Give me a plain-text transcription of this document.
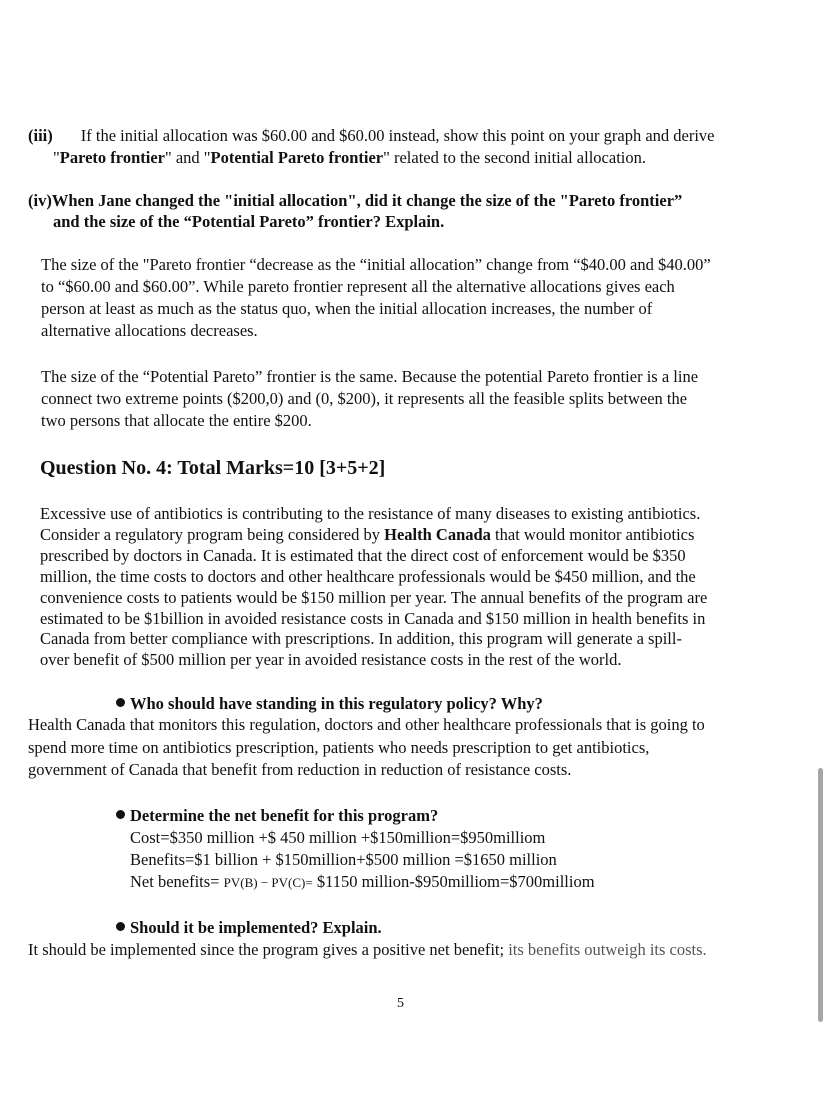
(iii) If the initial allocation was $60.00 and $60.00 instead, show this point on your graph and derive
"Pareto frontier" and "Potential Pareto frontier" related to the second initial allocation.
(iv)When Jane changed the "initial allocation", did it change the size of the "Pareto frontier”
and the size of the “Potential Pareto” frontier? Explain.
The size of the "Pareto frontier “decrease as the “initial allocation” change from “$40.00 and $40.00”
to “$60.00 and $60.00”. While pareto frontier represent all the alternative allocations gives each
person at least as much as the status quo, when the initial allocation increases, the number of
alternative allocations decreases.
The size of the “Potential Pareto” frontier is the same. Because the potential Pareto frontier is a line
connect two extreme points ($200,0) and (0, $200), it represents all the feasible splits between the
two persons that allocate the entire $200.
Question No. 4: Total Marks=10 [3+5+2]
Excessive use of antibiotics is contributing to the resistance of many diseases to existing antibiotics.
Consider a regulatory program being considered by Health Canada that would monitor antibiotics
prescribed by doctors in Canada. It is estimated that the direct cost of enforcement would be $350
million, the time costs to doctors and other healthcare professionals would be $450 million, and the
convenience costs to patients would be $150 million per year. The annual benefits of the program are
estimated to be $1billion in avoided resistance costs in Canada and $150 million in health benefits in
Canada from better compliance with prescriptions. In addition, this program will generate a spill-
over benefit of $500 million per year in avoided resistance costs in the rest of the world.
Who should have standing in this regulatory policy? Why?
Health Canada that monitors this regulation, doctors and other healthcare professionals that is going to
spend more time on antibiotics prescription, patients who needs prescription to get antibiotics,
government of Canada that benefit from reduction in reduction of resistance costs.
Determine the net benefit for this program?
Cost=$350 million +$ 450 million +$150million=$950milliom
Benefits=$1 billion + $150million+$500 million =$1650 million
Net benefits= PV(B) − PV(C)= $1150 million-$950milliom=$700milliom
Should it be implemented? Explain.
It should be implemented since the program gives a positive net benefit; its benefits outweigh its costs.
5
